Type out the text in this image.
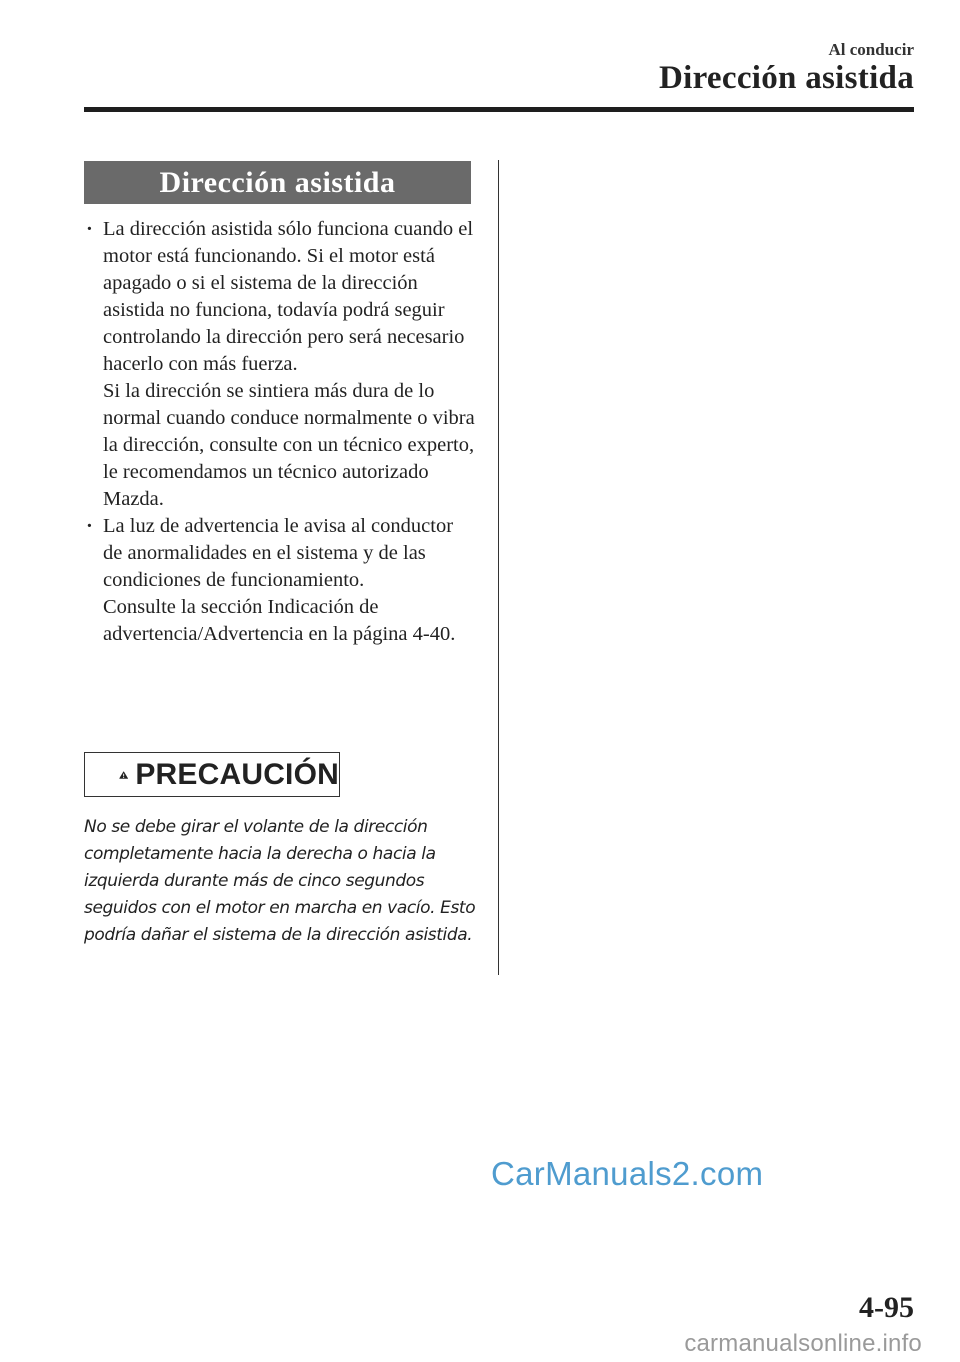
Al conducir
Dirección asistida
Dirección asistida
· La dirección asistida sólo funciona cuando el motor está funcionando. Si el motor está apagado o si el sistema de la dirección asistida no funciona, todavía podrá seguir controlando la dirección pero será necesario hacerlo con más fuerza.
Si la dirección se sintiera más dura de lo normal cuando conduce normalmente o vibra la dirección, consulte con un técnico experto, le recomendamos un técnico autorizado Mazda.
· La luz de advertencia le avisa al conductor de anormalidades en el sistema y de las condiciones de funcionamiento.
Consulte la sección Indicación de advertencia/Advertencia en la página 4-40.
PRECAUCIÓN

No se debe girar el volante de la dirección completamente hacia la derecha o hacia la izquierda durante más de cinco segundos seguidos con el motor en marcha en vacío. Esto podría dañar el sistema de la dirección asistida.

CarManuals2.com
4-95
carmanualsonline.info
